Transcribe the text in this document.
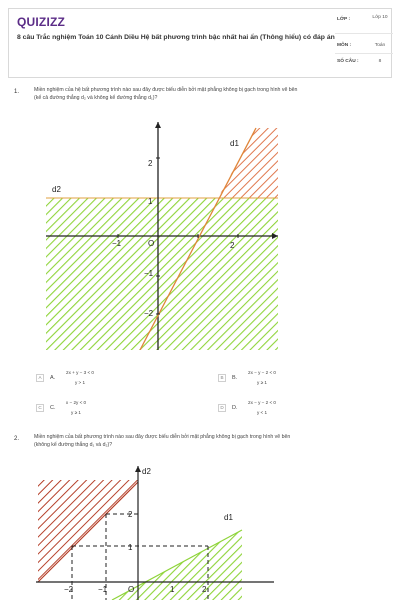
QUIZIZZ
8 câu Trắc nghiệm Toán 10 Cánh Diều Hệ bất phương trình bậc nhất hai ẩn (Thông hiểu) có đáp án
LỚP :	Lớp 10
MÔN :	Toán
SỐ CÂU :	8
1.	Miền nghiệm của hệ bất phương trình nào sau đây được biểu diễn bởi mặt phẳng không bị gạch trong hình vẽ bên
(kể cả đường thẳng d₂ và không kể đường thẳng d₁)?
d1
d2
O
−1	2
2
1
−1
−2
A	A.
2x + y − 3 < 0
y > 1
B	B.
2x − y − 2 < 0
y ≥ 1
C	C.
x − 2y < 0
y ≥ 1
D	D.
2x − y − 2 < 0
y < 1
2.	Miền nghiệm của bất phương trình nào sau đây được biểu diễn bởi mặt phẳng không bị gạch trong hình vẽ bên
(không kể đường thẳng d₁ và d₂)?
d2
d1
2
1
O
−2	−1	1	2
